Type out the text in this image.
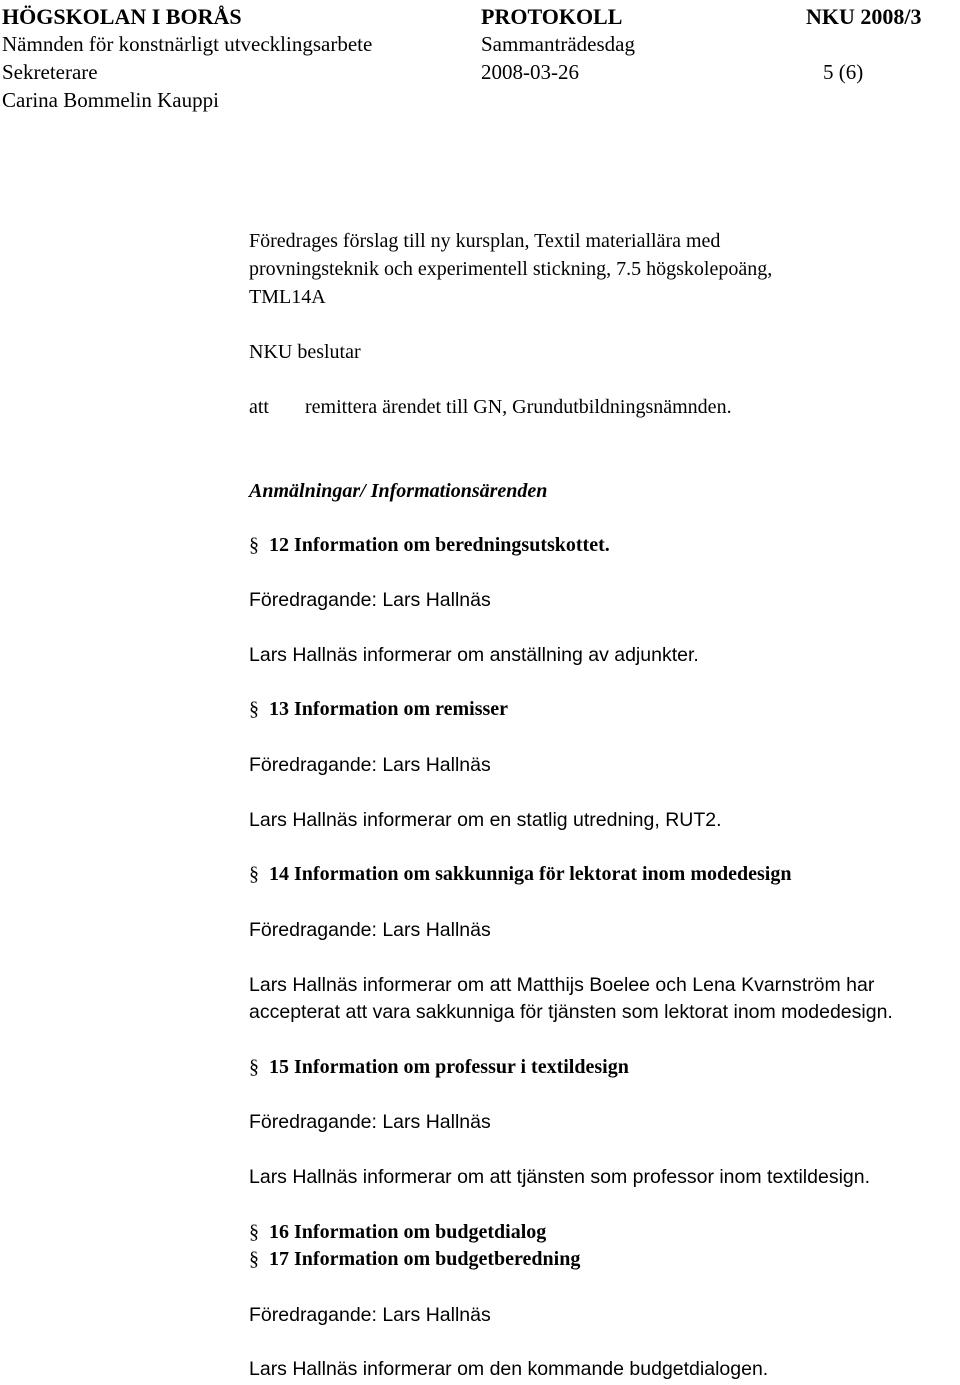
HÖGSKOLAN I BORÅS	PROTOKOLL	NKU 2008/3
Nämnden för konstnärligt utvecklingsarbete	Sammanträdesdag
Sekreterare	2008-03-26	5 (6)
Carina Bommelin Kauppi
Föredrages förslag till ny kursplan, Textil materiallära med
provningsteknik och experimentell stickning, 7.5 högskolepoäng,
TML14A
NKU beslutar
att remittera ärendet till GN, Grundutbildningsnämnden.
Anmälningar/ Informationsärenden
§ 12 Information om beredningsutskottet.
Föredragande: Lars Hallnäs
Lars Hallnäs informerar om anställning av adjunkter.
§ 13 Information om remisser
Föredragande: Lars Hallnäs
Lars Hallnäs informerar om en statlig utredning, RUT2.
§ 14 Information om sakkunniga för lektorat inom modedesign
Föredragande: Lars Hallnäs
Lars Hallnäs informerar om att Matthijs Boelee och Lena Kvarnström har
accepterat att vara sakkunniga för tjänsten som lektorat inom modedesign.
§ 15 Information om professur i textildesign
Föredragande: Lars Hallnäs
Lars Hallnäs informerar om att tjänsten som professor inom textildesign.
§ 16 Information om budgetdialog
§ 17 Information om budgetberedning
Föredragande: Lars Hallnäs
Lars Hallnäs informerar om den kommande budgetdialogen.
